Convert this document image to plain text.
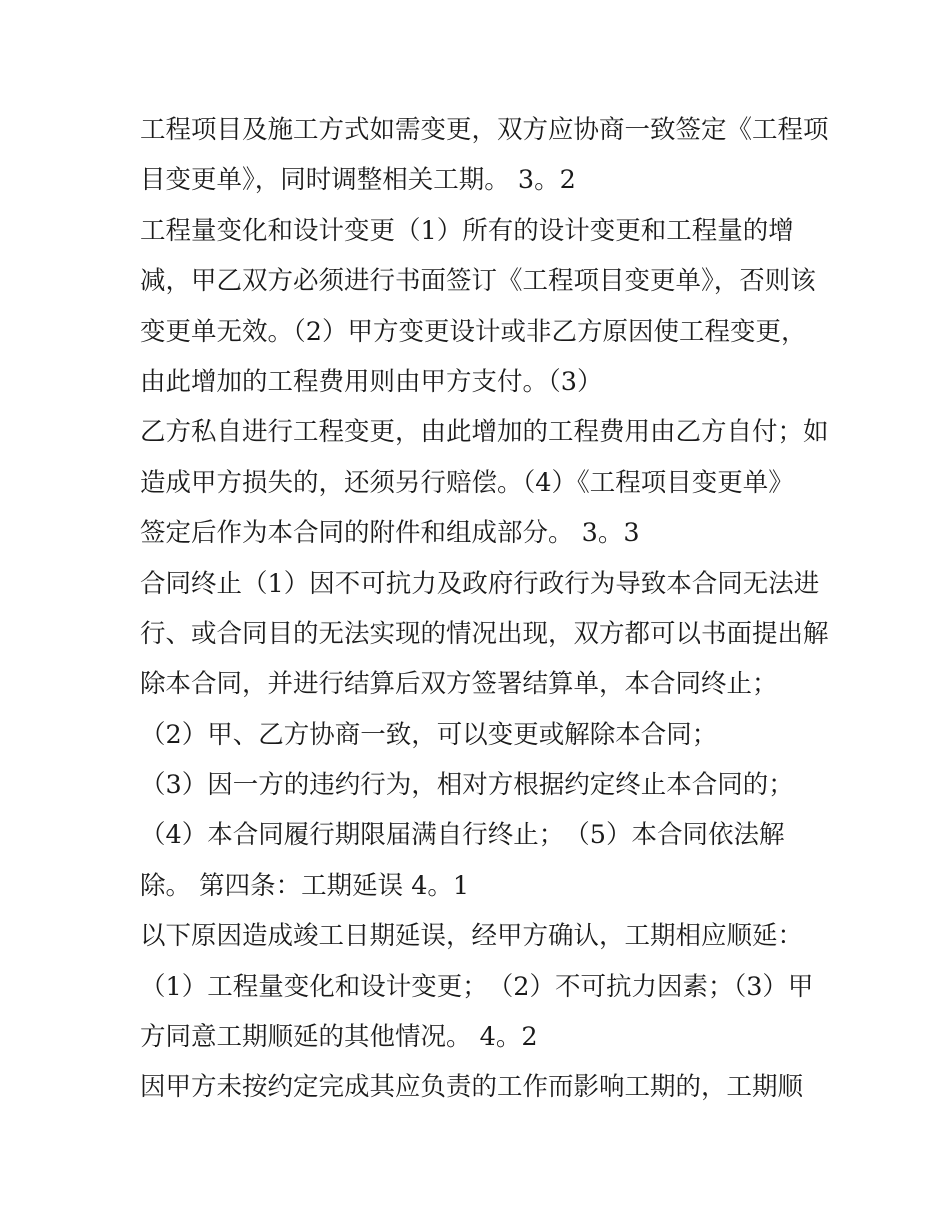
工程项目及施工方式如需变更，双方应协商一致签定《工程项
目变更单》，同时调整相关工期。 3。2
工程量变化和设计变更（1）所有的设计变更和工程量的增
减，甲乙双方必须进行书面签订《工程项目变更单》，否则该
变更单无效。（2）甲方变更设计或非乙方原因使工程变更，
由此增加的工程费用则由甲方支付。（3）
乙方私自进行工程变更，由此增加的工程费用由乙方自付；如
造成甲方损失的，还须另行赔偿。（4）《工程项目变更单》
签定后作为本合同的附件和组成部分。 3。3
合同终止（1）因不可抗力及政府行政行为导致本合同无法进
行、或合同目的无法实现的情况出现，双方都可以书面提出解
除本合同，并进行结算后双方签署结算单，本合同终止；
（2）甲、乙方协商一致，可以变更或解除本合同；
（3）因一方的违约行为，相对方根据约定终止本合同的；
（4）本合同履行期限届满自行终止；　（5）本合同依法解
除。 第四条：工期延误 4。1
以下原因造成竣工日期延误，经甲方确认，工期相应顺延：
（1）工程量变化和设计变更；　（2）不可抗力因素；（3）甲
方同意工期顺延的其他情况。 4。2
因甲方未按约定完成其应负责的工作而影响工期的，工期顺
